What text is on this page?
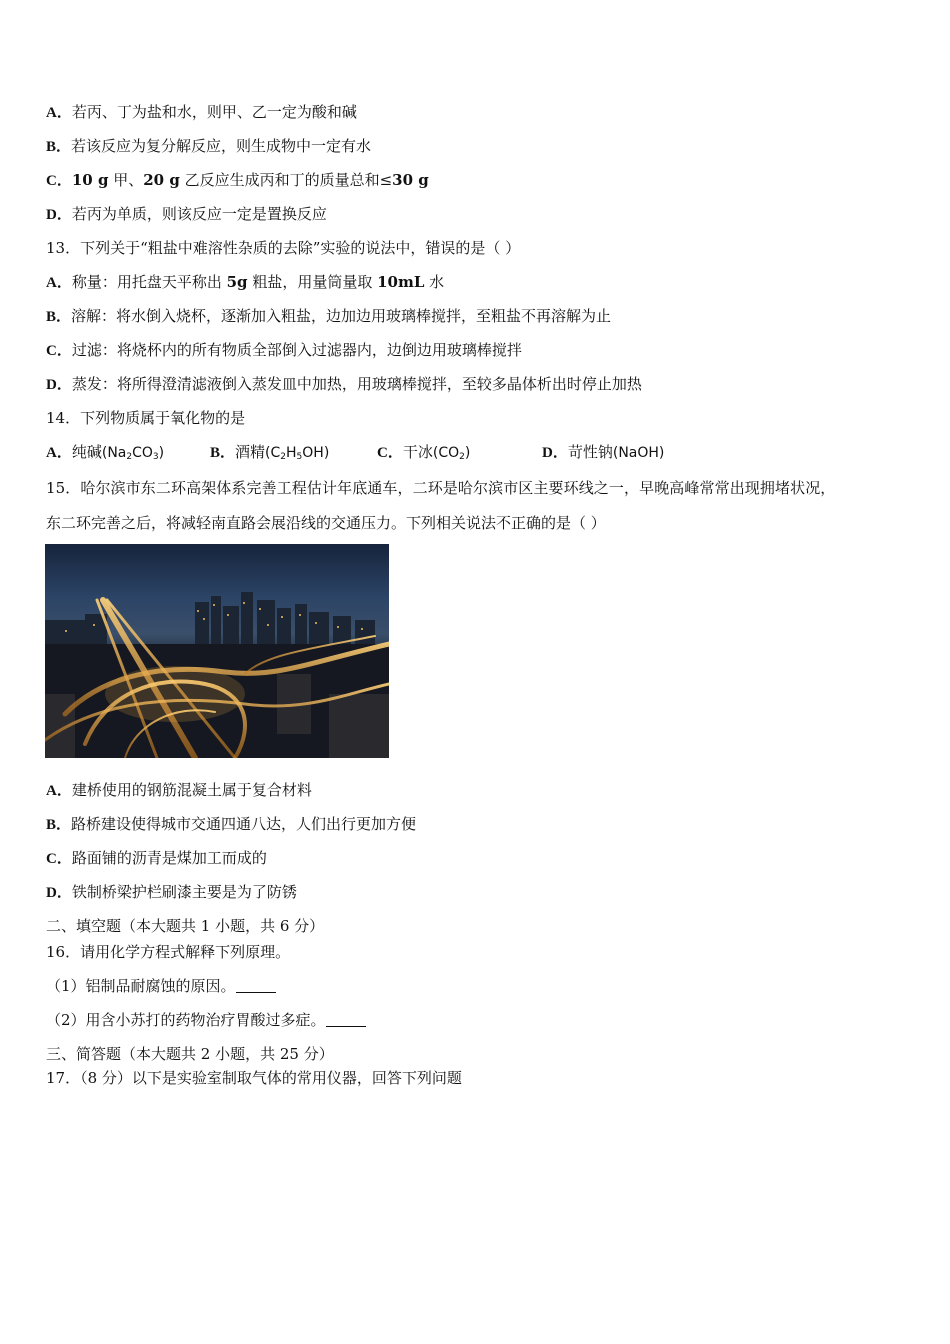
A．若丙、丁为盐和水，则甲、乙一定为酸和碱
B．若该反应为复分解反应，则生成物中一定有水
C．10 g 甲、20 g 乙反应生成丙和丁的质量总和≤30 g
D．若丙为单质，则该反应一定是置换反应
13．下列关于“粗盐中难溶性杂质的去除”实验的说法中，错误的是（ ）
A．称量：用托盘天平称出 5g 粗盐，用量筒量取 10mL 水
B．溶解：将水倒入烧杯，逐渐加入粗盐，边加边用玻璃棒搅拌，至粗盐不再溶解为止
C．过滤：将烧杯内的所有物质全部倒入过滤器内，边倒边用玻璃棒搅拌
D．蒸发：将所得澄清滤液倒入蒸发皿中加热，用玻璃棒搅拌，至较多晶体析出时停止加热
14．下列物质属于氧化物的是
A．纯碱$(Na_2CO_3)$	B．酒精$(C_2H_5OH)$	C．干冰$(CO_2)$	D．苛性钠(NaOH)
15．哈尔滨市东二环高架体系完善工程估计年底通车，二环是哈尔滨市区主要环线之一，早晚高峰常常出现拥堵状况，
东二环完善之后，将减轻南直路会展沿线的交通压力。下列相关说法不正确的是（ ）
A．建桥使用的钢筋混凝土属于复合材料
B．路桥建设使得城市交通四通八达，人们出行更加方便
C．路面铺的沥青是煤加工而成的
D．铁制桥梁护栏刷漆主要是为了防锈
二、填空题（本大题共 1 小题，共 6 分）
16．请用化学方程式解释下列原理。
（1）铝制品耐腐蚀的原因。
（2）用含小苏打的药物治疗胃酸过多症。
三、简答题（本大题共 2 小题，共 25 分）
17．（8 分）以下是实验室制取气体的常用仪器，回答下列问题
